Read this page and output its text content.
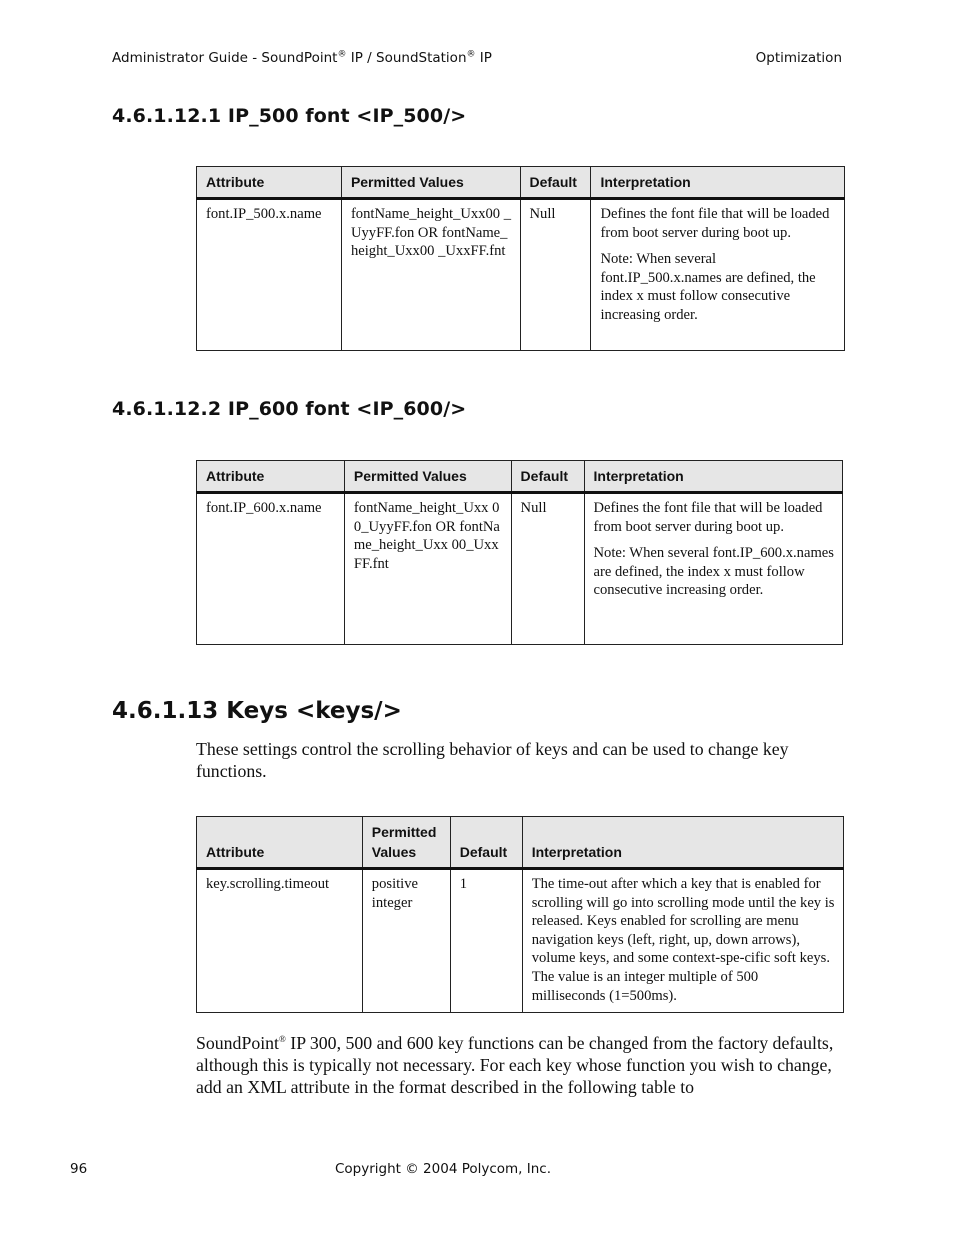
Administrator Guide - SoundPoint® IP / SoundStation® IP	Optimization
4.6.1.12.1 IP_500 font <IP_500/>
Attribute	Permitted Values	Default	Interpretation
font.IP_500.x.name	fontName_height_Uxx00 _UyyFF.fon OR fontName_height_Uxx00 _UxxFF.fnt	Null	Defines the font file that will be loaded from boot server during boot up.

Note: When several font.IP_500.x.names are defined, the index x must follow consecutive increasing order.

4.6.1.12.2 IP_600 font <IP_600/>
Attribute	Permitted Values	Default	Interpretation
font.IP_600.x.name	fontName_height_Uxx 00_UyyFF.fon OR fontName_height_Uxx 00_UxxFF.fnt	Null	Defines the font file that will be loaded from boot server during boot up.

Note: When several font.IP_600.x.names are defined, the index x must follow consecutive increasing order.

4.6.1.13 Keys <keys/>
These settings control the scrolling behavior of keys and can be used to change key functions.
Attribute	Permitted Values	Default	Interpretation
key.scrolling.timeout	positive integer	1	The time-out after which a key that is enabled for scrolling will go into scrolling mode until the key is released. Keys enabled for scrolling are menu navigation keys (left, right, up, down arrows), volume keys, and some context-spe-cific soft keys. The value is an integer multiple of 500 milliseconds (1=500ms).
SoundPoint® IP 300, 500 and 600 key functions can be changed from the factory defaults, although this is typically not necessary. For each key whose function you wish to change, add an XML attribute in the format described in the following table to
96	Copyright © 2004 Polycom, Inc.
